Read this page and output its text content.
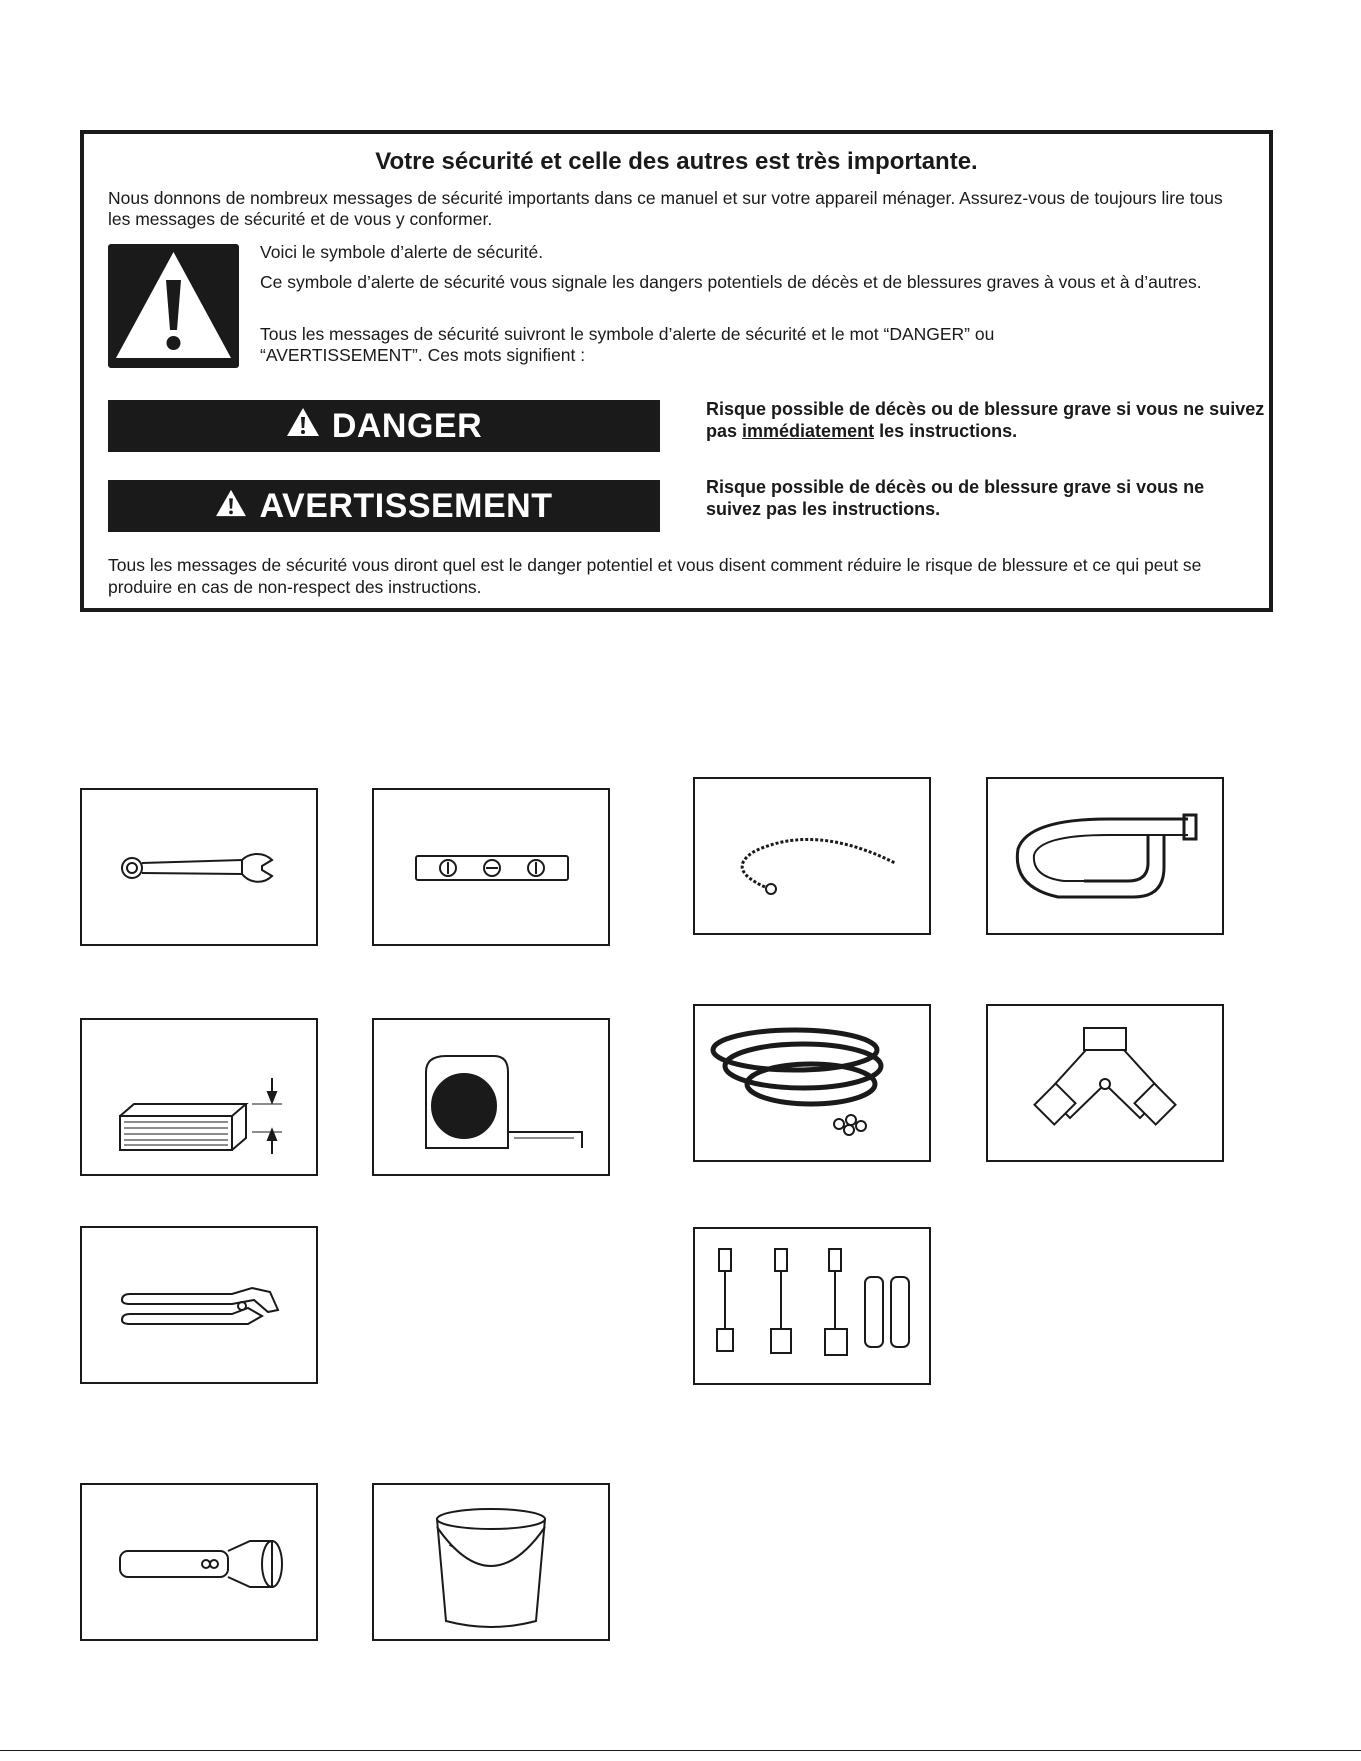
Votre sécurité et celle des autres est très importante.

Nous donnons de nombreux messages de sécurité importants dans ce manuel et sur votre appareil ménager. Assurez-vous de toujours lire tous les messages de sécurité et de vous y conformer.

Voici le symbole d’alerte de sécurité.

Ce symbole d’alerte de sécurité vous signale les dangers potentiels de décès et de blessures graves à vous et à d’autres.

Tous les messages de sécurité suivront le symbole d’alerte de sécurité et le mot “DANGER” ou “AVERTISSEMENT”. Ces mots signifient :

DANGER	Risque possible de décès ou de blessure grave si vous ne suivez pas immédiatement les instructions.

AVERTISSEMENT	Risque possible de décès ou de blessure grave si vous ne suivez pas les instructions.

Tous les messages de sécurité vous diront quel est le danger potentiel et vous disent comment réduire le risque de blessure et ce qui peut se produire en cas de non-respect des instructions.
